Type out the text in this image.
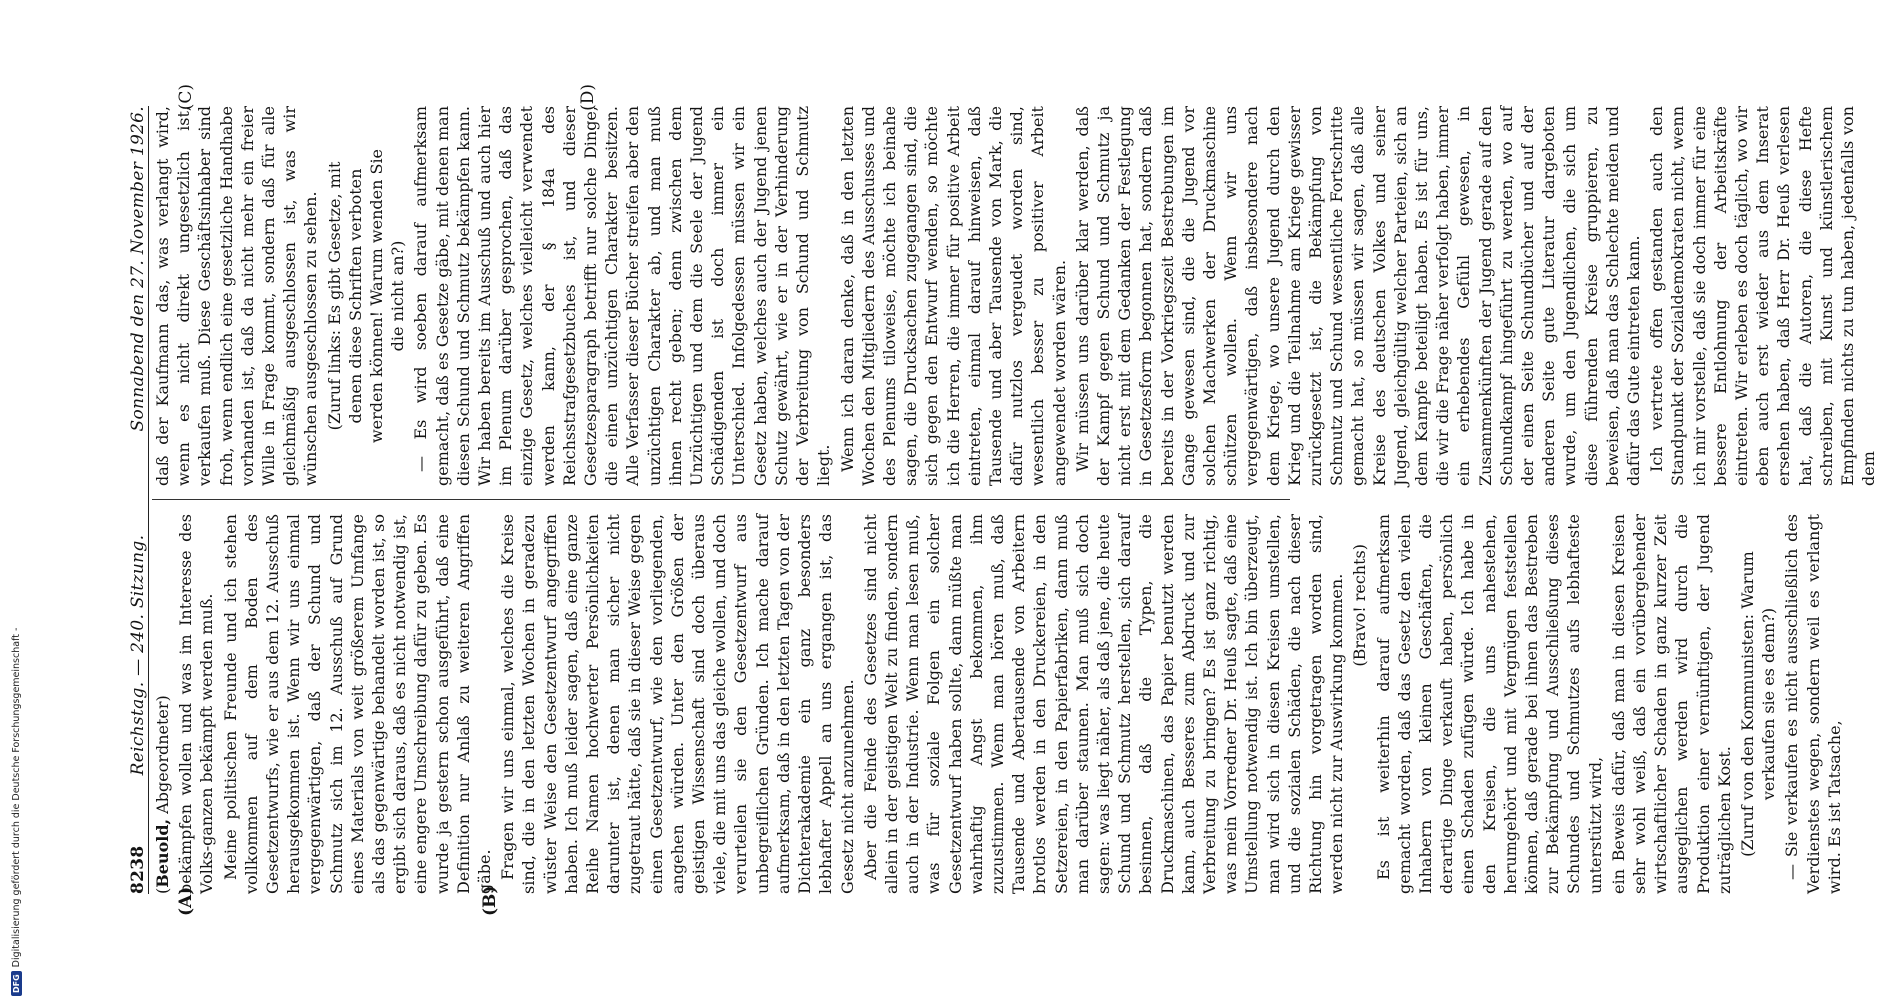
8238
Reichstag. — 240. Sitzung.
Sonnabend den 27. November 1926.
(A)	(B)

(Beuold, Abgeordneter) bekämpfen wollen und was im Interesse des Volks-ganzen bekämpft werden muß. Meine politischen Freunde und ich stehen vollkommen auf dem Boden des Gesetzentwurfs, wie er aus dem 12. Ausschuß herausgekommen ist. Wenn wir uns einmal vergegenwärtigen, daß der Schund und Schmutz sich im 12. Ausschuß auf Grund eines Materials von weit größerem Umfange als das gegenwärtige behandelt worden ist, so ergibt sich daraus, daß es nicht notwendig ist, eine engere Umschreibung dafür zu geben. Es wurde ja gestern schon ausgeführt, daß eine Definition nur Anlaß zu weiteren Angriffen gäbe. Fragen wir uns einmal, welches die Kreise sind, die in den letzten Wochen in geradezu wüster Weise den Gesetzentwurf angegriffen haben. Ich muß leider sagen, daß eine ganze Reihe Namen hochwerter Persönlichkeiten darunter ist, denen man sicher nicht zugetraut hätte, daß sie in dieser Weise gegen einen Gesetzentwurf, wie den vorliegenden, angehen würden. Unter den Größen der geistigen Wissenschaft sind doch überaus viele, die mit uns das gleiche wollen, und doch verurteilen sie den Gesetzentwurf aus unbegreiflichen Gründen. Ich mache darauf aufmerksam, daß in den letzten Tagen von der Dichterakademie ein ganz besonders lebhafter Appell an uns ergangen ist, das Gesetz nicht anzunehmen. Aber die Feinde des Gesetzes sind nicht allein in der geistigen Welt zu finden, sondern auch in der Industrie. Wenn man lesen muß, was für soziale Folgen ein solcher Gesetzentwurf haben sollte, dann müßte man wahrhaftig Angst bekommen, ihm zuzustimmen. Wenn man hören muß, daß Tausende und Abertausende von Arbeitern brotlos werden in den Druckereien, in den Setzereien, in den Papierfabriken, dann muß man darüber staunen. Man muß sich doch sagen: was liegt näher, als daß jene, die heute Schund und Schmutz herstellen, sich darauf besinnen, daß die Typen, die Druckmaschinen, das Papier benutzt werden kann, auch Besseres zum Abdruck und zur Verbreitung zu bringen? Es ist ganz richtig, was mein Vorredner Dr. Heuß sagte, daß eine Umstellung notwendig ist. Ich bin überzeugt, man wird sich in diesen Kreisen umstellen, und die sozialen Schäden, die nach dieser Richtung hin vorgetragen worden sind, werden nicht zur Auswirkung kommen. (Bravo! rechts) Es ist weiterhin darauf aufmerksam gemacht worden, daß das Gesetz den vielen Inhabern von kleinen Geschäften, die derartige Dinge verkauft haben, persönlich einen Schaden zufügen würde. Ich habe in den Kreisen, die uns nahestehen, herumgehört und mit Vergnügen feststellen können, daß gerade bei ihnen das Bestreben zur Bekämpfung und Ausschließung dieses Schundes und Schmutzes aufs lebhafteste unterstützt wird, ein Beweis dafür, daß man in diesen Kreisen sehr wohl weiß, daß ein vorübergehender wirtschaftlicher Schaden in ganz kurzer Zeit ausgeglichen werden wird durch die Produktion einer vernünftigen, der Jugend zuträglichen Kost. (Zuruf von den Kommunisten: Warum verkaufen sie es denn?) — Sie verkaufen es nicht ausschließlich des Verdienstes wegen, sondern weil es verlangt wird. Es ist Tatsache,

(C)	(D)

daß der Kaufmann das, was verlangt wird, wenn es nicht direkt ungesetzlich ist, verkaufen muß. Diese Geschäftsinhaber sind froh, wenn endlich eine gesetzliche Handhabe vorhanden ist, daß da nicht mehr ein freier Wille in Frage kommt, sondern daß für alle gleichmäßig ausgeschlossen ist, was wir wünschen ausgeschlossen zu sehen. (Zuruf links: Es gibt Gesetze, mit denen diese Schriften verboten werden können! Warum wenden Sie die nicht an?) — Es wird soeben darauf aufmerksam gemacht, daß es Gesetze gäbe, mit denen man diesen Schund und Schmutz bekämpfen kann. Wir haben bereits im Ausschuß und auch hier im Plenum darüber gesprochen, daß das einzige Gesetz, welches vielleicht verwendet werden kann, der § 184a des Reichsstrafgesetzbuches ist, und dieser Gesetzesparagraph betrifft nur solche Dinge, die einen unzüchtigen Charakter besitzen. Alle Verfasser dieser Bücher streifen aber den unzüchtigen Charakter ab, und man muß ihnen recht geben; denn zwischen dem Unzüchtigen und dem die Seele der Jugend Schädigenden ist doch immer ein Unterschied. Infolgedessen müssen wir ein Gesetz haben, welches auch der Jugend jenen Schutz gewährt, wie er in der Verhinderung der Verbreitung von Schund und Schmutz liegt. Wenn ich daran denke, daß in den letzten Wochen den Mitgliedern des Ausschusses und des Plenums tiloweise, möchte ich beinahe sagen, die Drucksachen zugegangen sind, die sich gegen den Entwurf wenden, so möchte ich die Herren, die immer für positive Arbeit eintreten, einmal darauf hinweisen, daß Tausende und aber Tausende von Mark, die dafür nutzlos vergeudet worden sind, wesentlich besser zu positiver Arbeit angewendet worden wären. Wir müssen uns darüber klar werden, daß der Kampf gegen Schund und Schmutz ja nicht erst mit dem Gedanken der Festlegung in Gesetzesform begonnen hat, sondern daß bereits in der Vorkriegszeit Bestrebungen im Gange gewesen sind, die die Jugend vor solchen Machwerken der Druckmaschine schützen wollen. Wenn wir uns vergegenwärtigen, daß insbesondere nach dem Kriege, wo unsere Jugend durch den Krieg und die Teilnahme am Kriege gewisser zurückgesetzt ist, die Bekämpfung von Schmutz und Schund wesentliche Fortschritte gemacht hat, so müssen wir sagen, daß alle Kreise des deutschen Volkes und seiner Jugend, gleichgültig welcher Parteien, sich an dem Kampfe beteiligt haben. Es ist für uns, die wir die Frage näher verfolgt haben, immer ein erhebendes Gefühl gewesen, in Zusammenkünften der Jugend gerade auf den Schundkampf hingeführt zu werden, wo auf der einen Seite Schundbücher und auf der anderen Seite gute Literatur dargeboten wurde, um den Jugendlichen, die sich um diese führenden Kreise gruppieren, zu beweisen, daß man das Schlechte meiden und dafür das Gute eintreten kann. Ich vertrete offen gestanden auch den Standpunkt der Sozialdemokraten nicht, wenn ich mir vorstelle, daß sie doch immer für eine bessere Entlohnung der Arbeitskräfte eintreten. Wir erleben es doch täglich, wo wir eben auch erst wieder aus dem Inserat ersehen haben, daß Herr Dr. Heuß verlesen hat, daß die Autoren, die diese Hefte schreiben, mit Kunst und künstlerischem Empfinden nichts zu tun haben, jedenfalls von dem

DFGDigitalisierung gefördert durch die Deutsche Forschungsgemeinschaft -
